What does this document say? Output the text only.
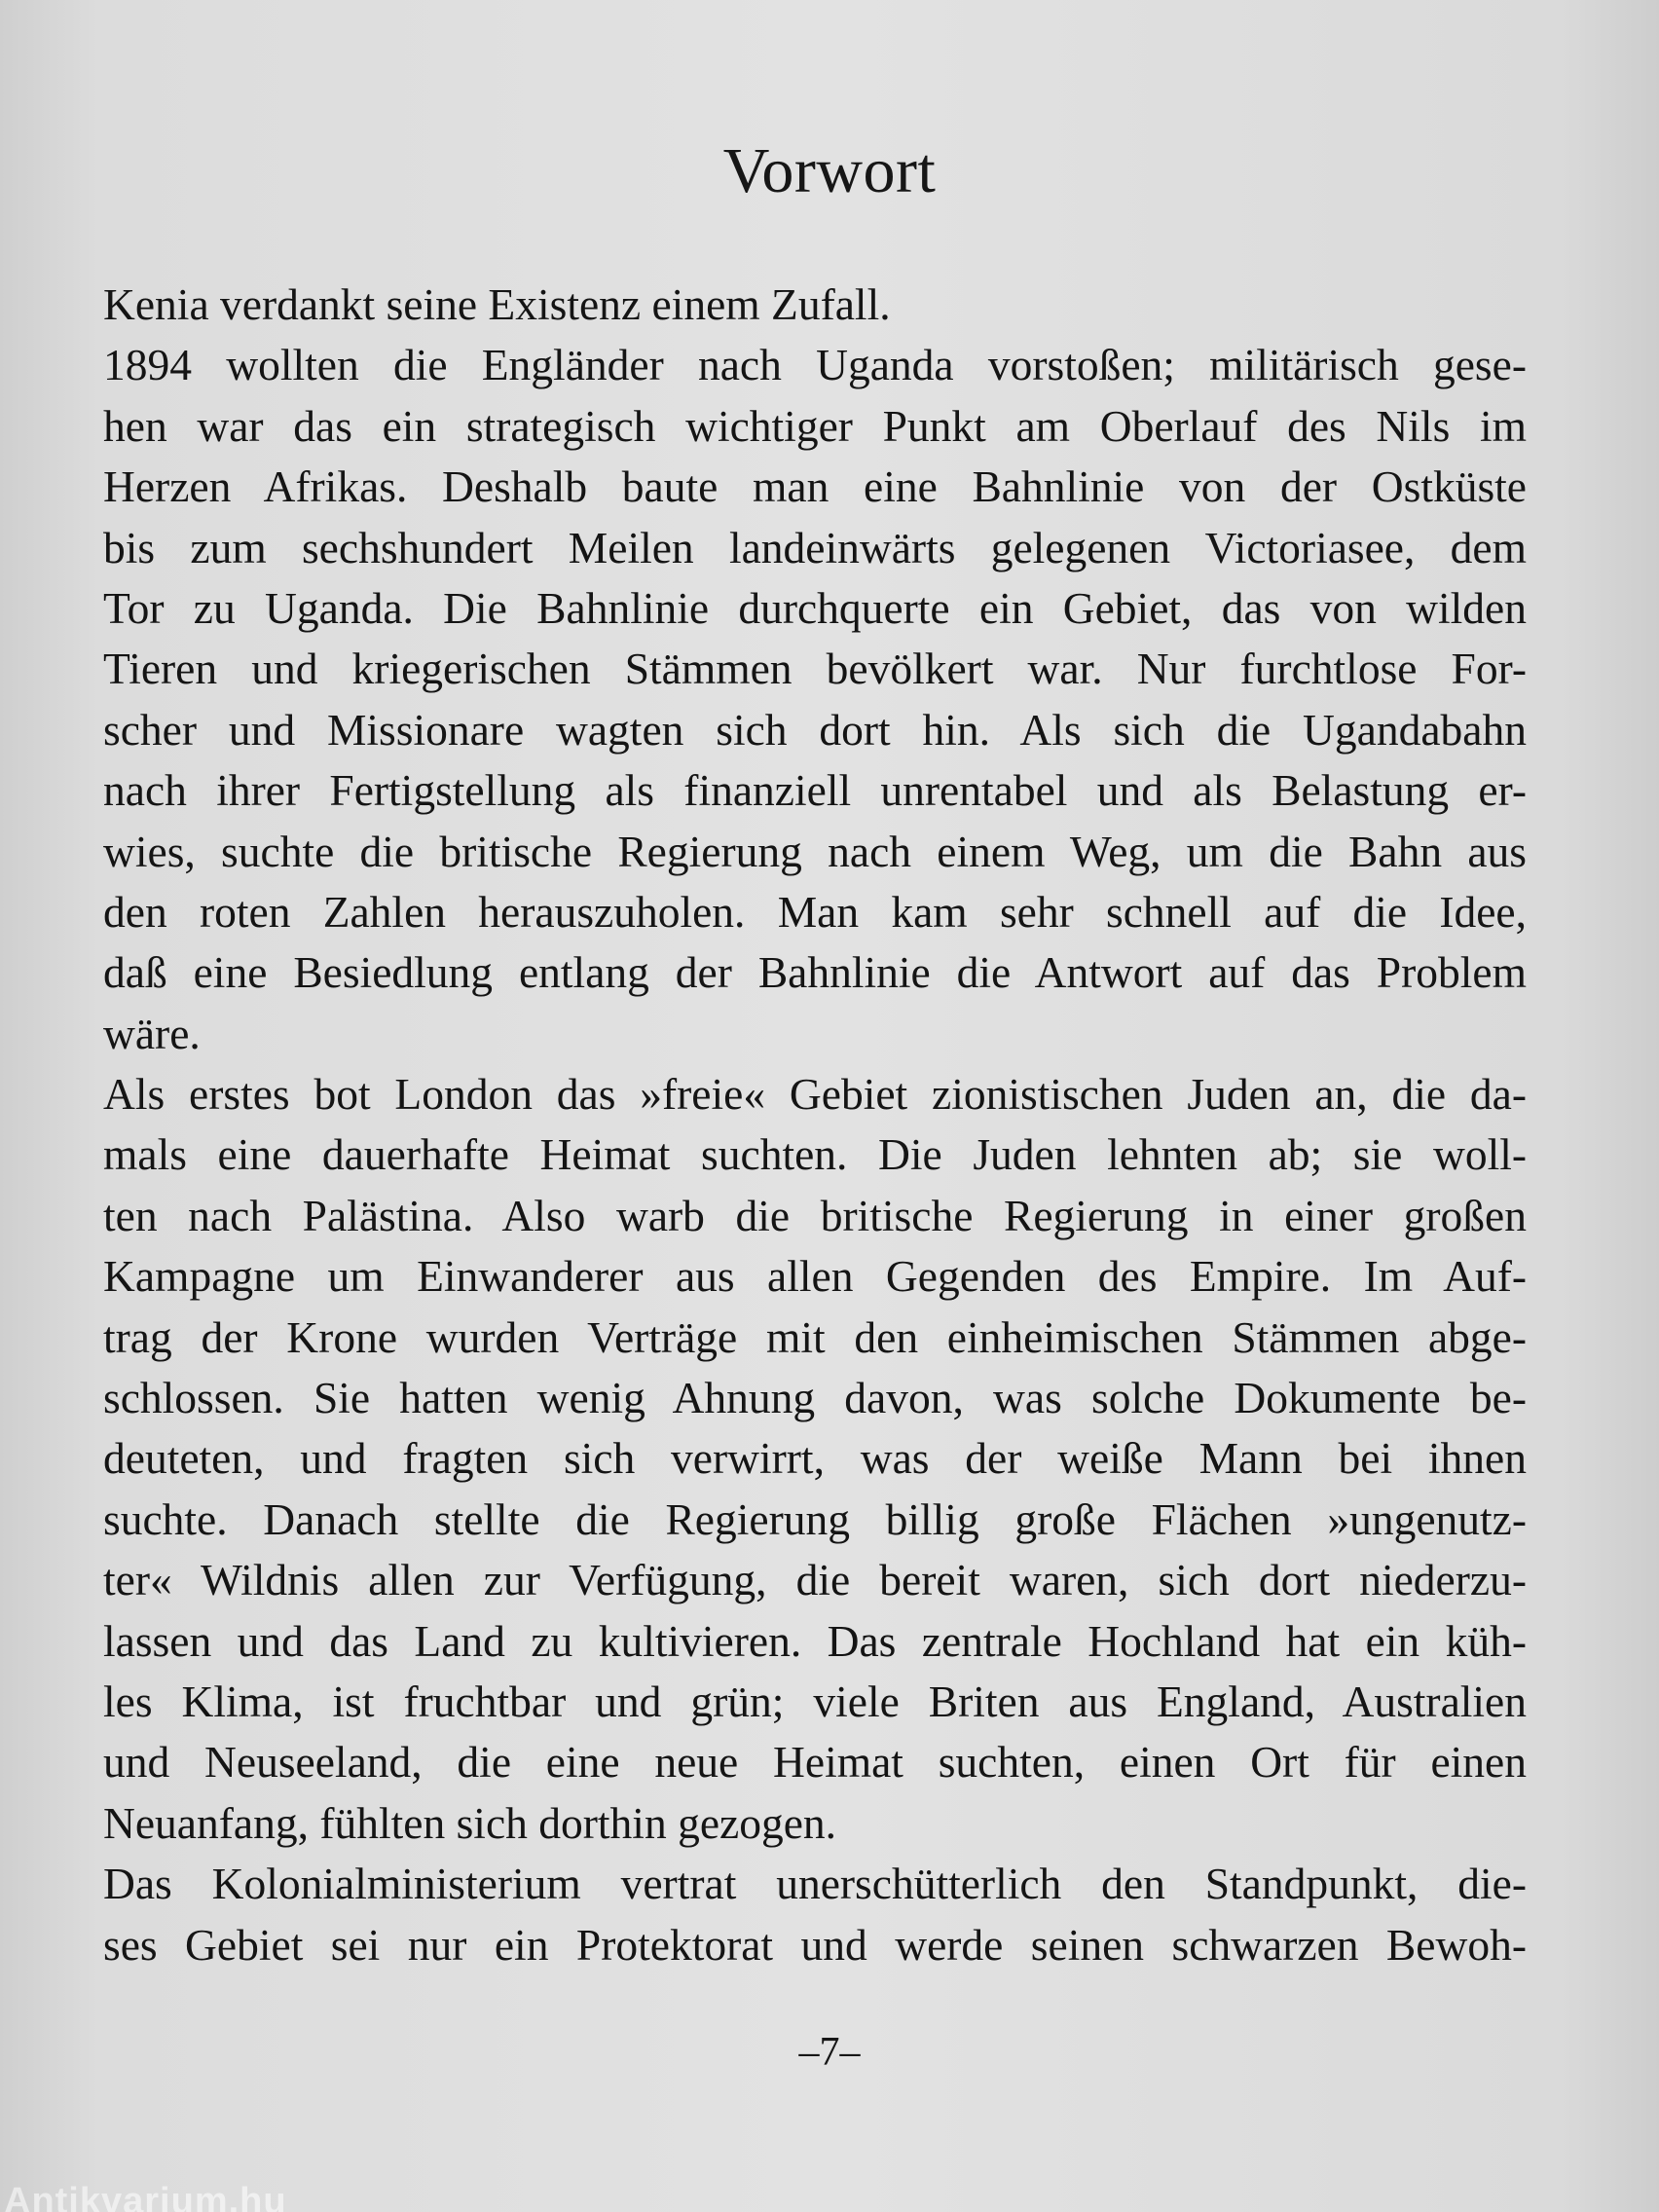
Vorwort
Kenia verdankt seine Existenz einem Zufall.
1894 wollten die Engländer nach Uganda vorstoßen; militärisch gese-
hen war das ein strategisch wichtiger Punkt am Oberlauf des Nils im
Herzen Afrikas. Deshalb baute man eine Bahnlinie von der Ostküste
bis zum sechshundert Meilen landeinwärts gelegenen Victoriasee, dem
Tor zu Uganda. Die Bahnlinie durchquerte ein Gebiet, das von wilden
Tieren und kriegerischen Stämmen bevölkert war. Nur furchtlose For-
scher und Missionare wagten sich dort hin. Als sich die Ugandabahn
nach ihrer Fertigstellung als finanziell unrentabel und als Belastung er-
wies, suchte die britische Regierung nach einem Weg, um die Bahn aus
den roten Zahlen herauszuholen. Man kam sehr schnell auf die Idee,
daß eine Besiedlung entlang der Bahnlinie die Antwort auf das Problem
wäre.
Als erstes bot London das »freie« Gebiet zionistischen Juden an, die da-
mals eine dauerhafte Heimat suchten. Die Juden lehnten ab; sie woll-
ten nach Palästina. Also warb die britische Regierung in einer großen
Kampagne um Einwanderer aus allen Gegenden des Empire. Im Auf-
trag der Krone wurden Verträge mit den einheimischen Stämmen abge-
schlossen. Sie hatten wenig Ahnung davon, was solche Dokumente be-
deuteten, und fragten sich verwirrt, was der weiße Mann bei ihnen
suchte. Danach stellte die Regierung billig große Flächen »ungenutz-
ter« Wildnis allen zur Verfügung, die bereit waren, sich dort niederzu-
lassen und das Land zu kultivieren. Das zentrale Hochland hat ein küh-
les Klima, ist fruchtbar und grün; viele Briten aus England, Australien
und Neuseeland, die eine neue Heimat suchten, einen Ort für einen
Neuanfang, fühlten sich dorthin gezogen.
Das Kolonialministerium vertrat unerschütterlich den Standpunkt, die-
ses Gebiet sei nur ein Protektorat und werde seinen schwarzen Bewoh-
–7–
Antikvarium.hu
